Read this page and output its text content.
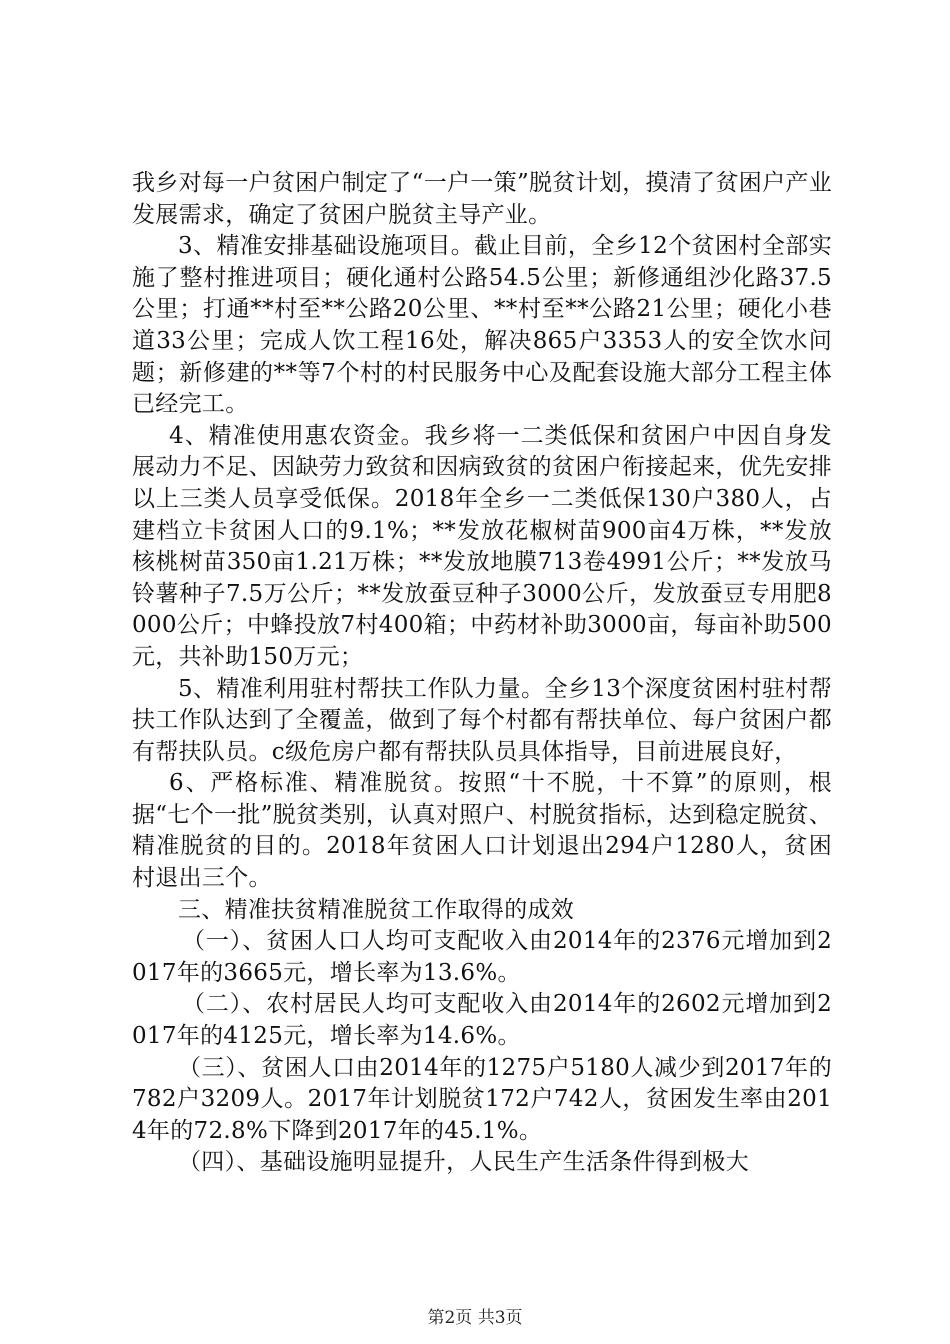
我乡对每一户贫困户制定了“一户一策”脱贫计划，摸清了贫困户产业发展需求，确定了贫困户脱贫主导产业。

3、精准安排基础设施项目。截止目前，全乡12个贫困村全部实施了整村推进项目；硬化通村公路54.5公里；新修通组沙化路37.5公里；打通**村至**公路20公里、**村至**公路21公里；硬化小巷道33公里；完成人饮工程16处，解决865户3353人的安全饮水问题；新修建的**等7个村的村民服务中心及配套设施大部分工程主体已经完工。

4、精准使用惠农资金。我乡将一二类低保和贫困户中因自身发展动力不足、因缺劳力致贫和因病致贫的贫困户衔接起来，优先安排以上三类人员享受低保。2018年全乡一二类低保130户380人，占建档立卡贫困人口的9.1%；**发放花椒树苗900亩4万株，**发放核桃树苗350亩1.21万株；**发放地膜713卷4991公斤；**发放马铃薯种子7.5万公斤；**发放蚕豆种子3000公斤，发放蚕豆专用肥8000公斤；中蜂投放7村400箱；中药材补助3000亩，每亩补助500元，共补助150万元；

5、精准利用驻村帮扶工作队力量。全乡13个深度贫困村驻村帮扶工作队达到了全覆盖，做到了每个村都有帮扶单位、每户贫困户都有帮扶队员。c级危房户都有帮扶队员具体指导，目前进展良好，

6、严格标准、精准脱贫。按照“十不脱，十不算”的原则，根据“七个一批”脱贫类别，认真对照户、村脱贫指标，达到稳定脱贫、精准脱贫的目的。2018年贫困人口计划退出294户1280人，贫困村退出三个。

三、精准扶贫精准脱贫工作取得的成效

（一）、贫困人口人均可支配收入由2014年的2376元增加到2017年的3665元，增长率为13.6%。

（二）、农村居民人均可支配收入由2014年的2602元增加到2017年的4125元，增长率为14.6%。

（三）、贫困人口由2014年的1275户5180人减少到2017年的782户3209人。2017年计划脱贫172户742人，贫困发生率由2014年的72.8%下降到2017年的45.1%。

（四）、基础设施明显提升，人民生产生活条件得到极大

第2页 共3页
